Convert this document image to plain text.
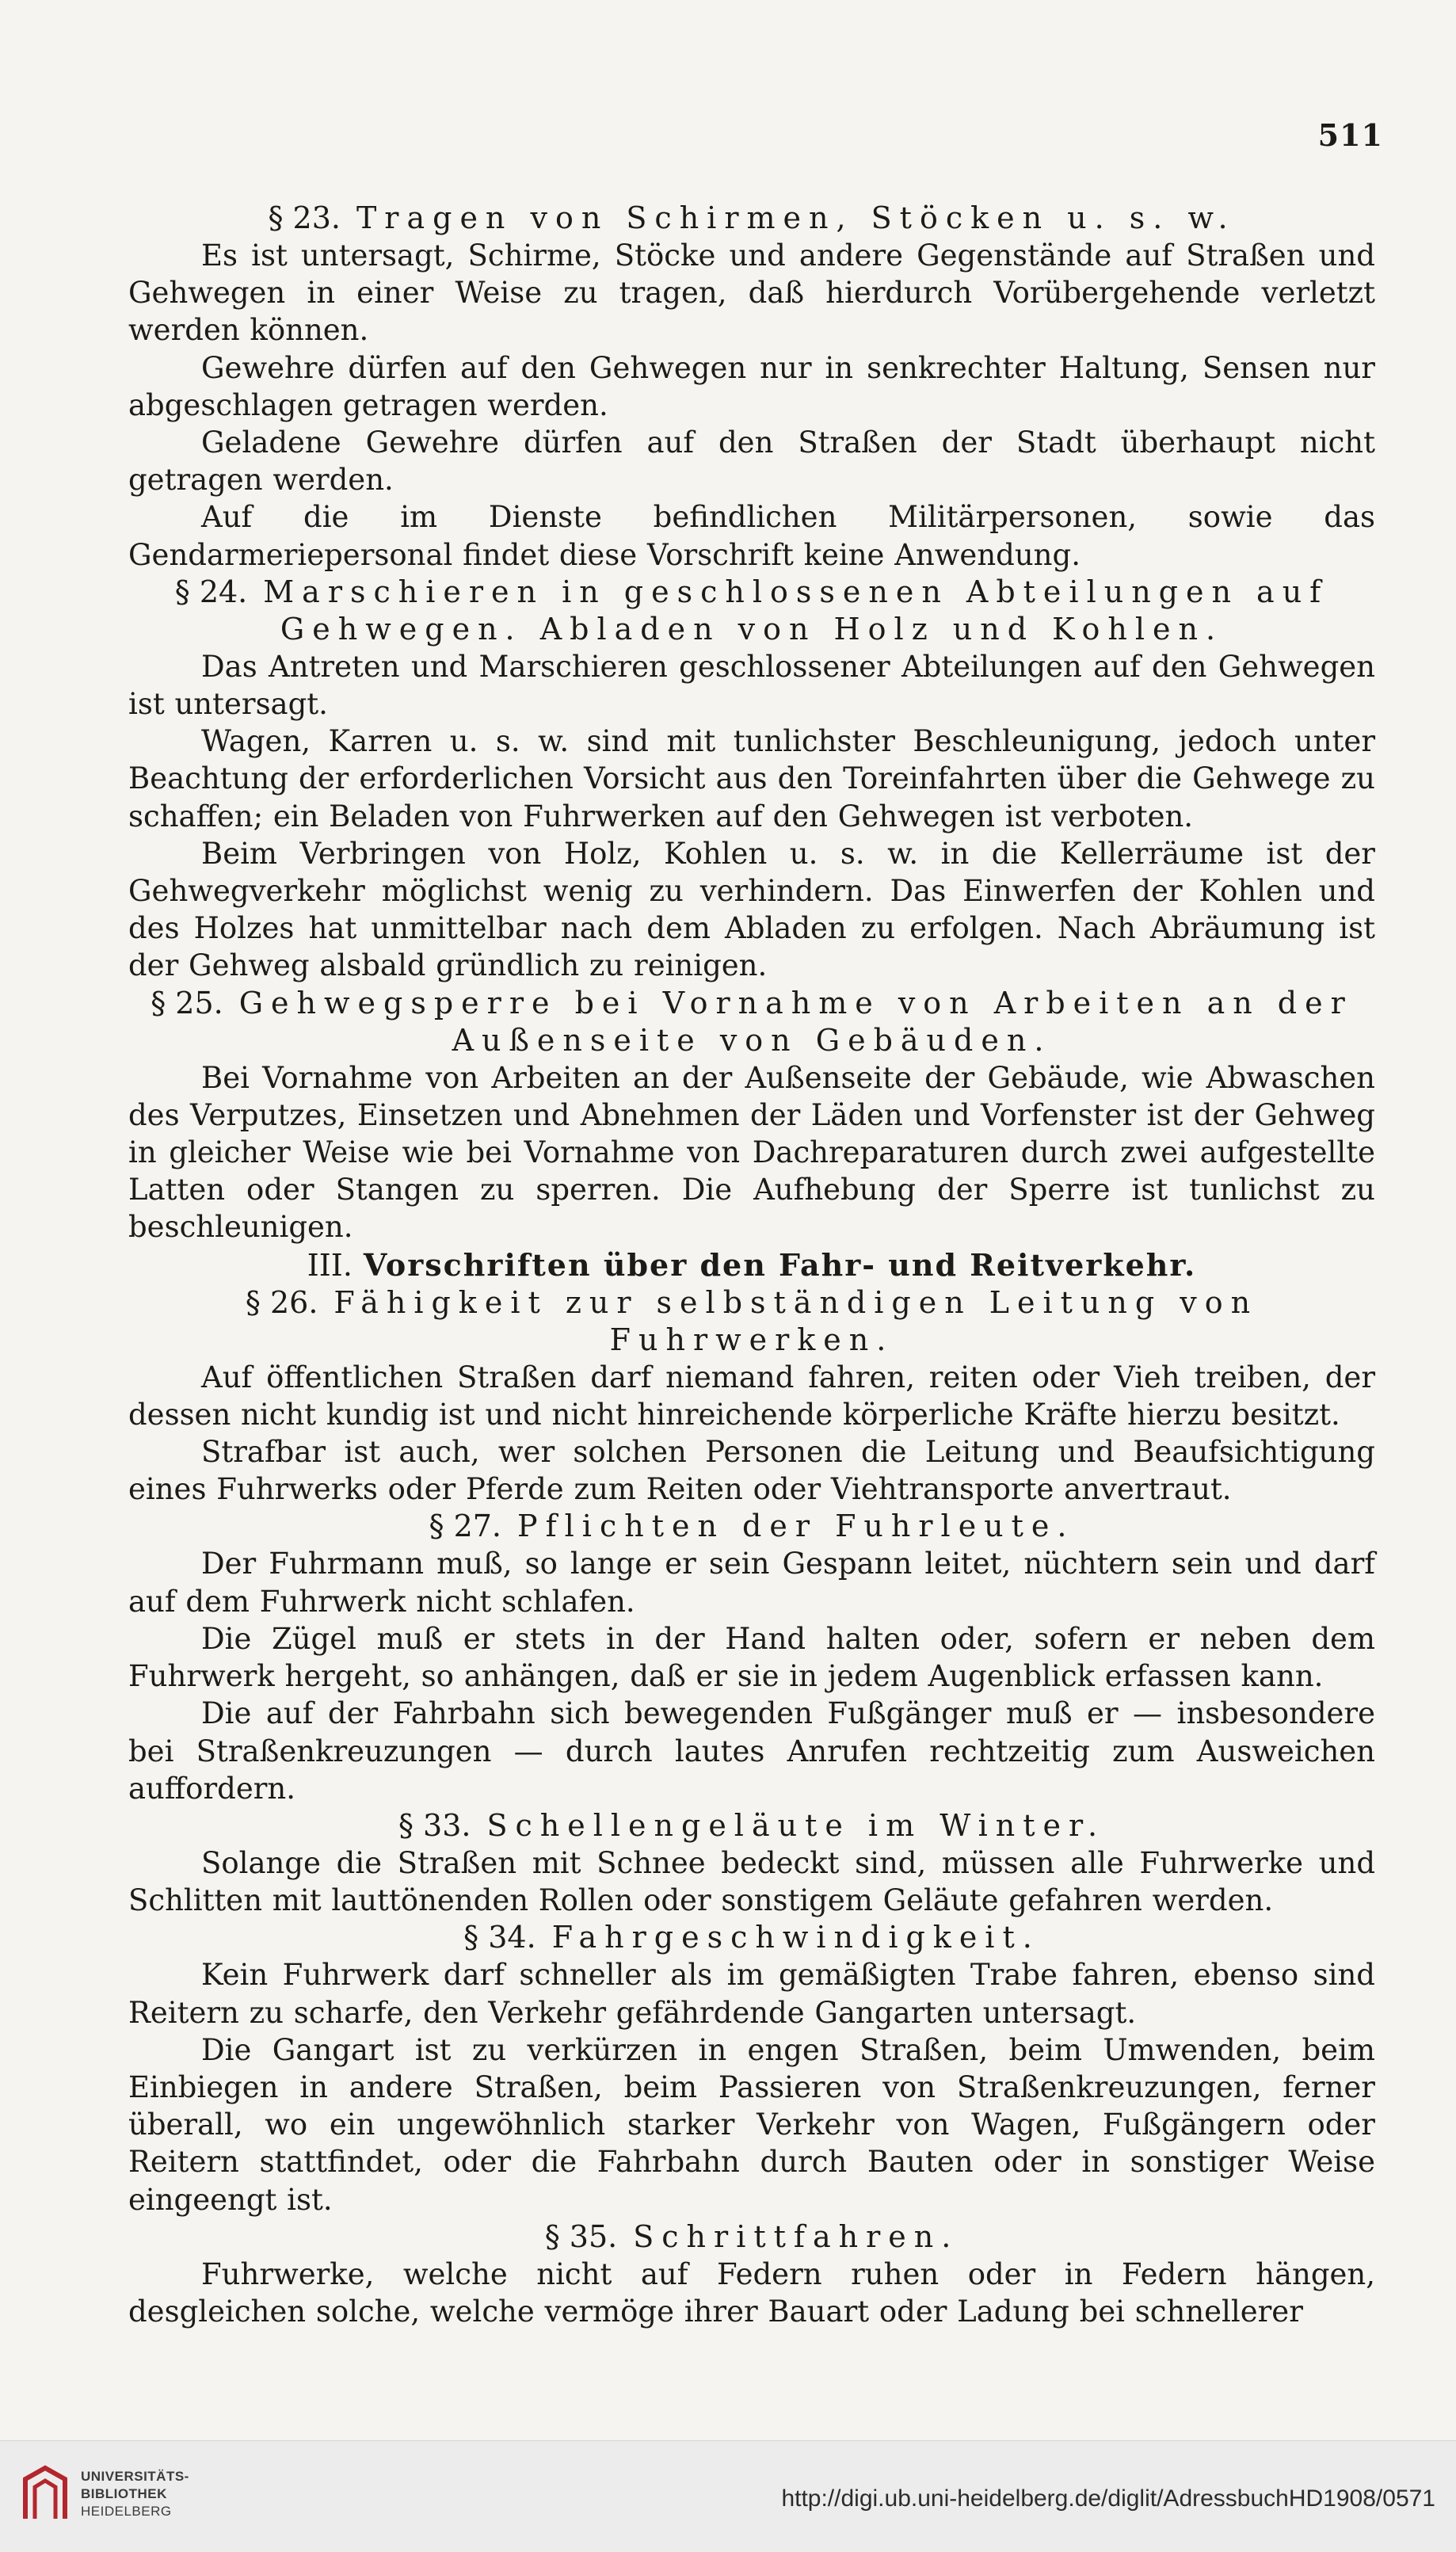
511

§ 23. Tragen von Schirmen, Stöcken u. s. w.

Es ist untersagt, Schirme, Stöcke und andere Gegenstände auf Straßen und Gehwegen in einer Weise zu tragen, daß hierdurch Vorübergehende verletzt werden können.

Gewehre dürfen auf den Gehwegen nur in senkrechter Haltung, Sensen nur abgeschlagen getragen werden.

Geladene Gewehre dürfen auf den Straßen der Stadt überhaupt nicht getragen werden.

Auf die im Dienste befindlichen Militärpersonen, sowie das Gendarmeriepersonal findet diese Vorschrift keine Anwendung.

§ 24. Marschieren in geschlossenen Abteilungen auf Gehwegen. Abladen von Holz und Kohlen.

Das Antreten und Marschieren geschlossener Abteilungen auf den Gehwegen ist untersagt.

Wagen, Karren u. s. w. sind mit tunlichster Beschleunigung, jedoch unter Beachtung der erforderlichen Vorsicht aus den Toreinfahrten über die Gehwege zu schaffen; ein Beladen von Fuhrwerken auf den Gehwegen ist verboten.

Beim Verbringen von Holz, Kohlen u. s. w. in die Kellerräume ist der Gehwegverkehr möglichst wenig zu verhindern. Das Einwerfen der Kohlen und des Holzes hat unmittelbar nach dem Abladen zu erfolgen. Nach Abräumung ist der Gehweg alsbald gründlich zu reinigen.

§ 25. Gehwegsperre bei Vornahme von Arbeiten an der Außenseite von Gebäuden.

Bei Vornahme von Arbeiten an der Außenseite der Gebäude, wie Abwaschen des Verputzes, Einsetzen und Abnehmen der Läden und Vorfenster ist der Gehweg in gleicher Weise wie bei Vornahme von Dachreparaturen durch zwei aufgestellte Latten oder Stangen zu sperren. Die Aufhebung der Sperre ist tunlichst zu beschleunigen.

III. Vorschriften über den Fahr- und Reitverkehr.

§ 26. Fähigkeit zur selbständigen Leitung von Fuhrwerken.

Auf öffentlichen Straßen darf niemand fahren, reiten oder Vieh treiben, der dessen nicht kundig ist und nicht hinreichende körperliche Kräfte hierzu besitzt.

Strafbar ist auch, wer solchen Personen die Leitung und Beaufsichtigung eines Fuhrwerks oder Pferde zum Reiten oder Viehtransporte anvertraut.

§ 27. Pflichten der Fuhrleute.

Der Fuhrmann muß, so lange er sein Gespann leitet, nüchtern sein und darf auf dem Fuhrwerk nicht schlafen.

Die Zügel muß er stets in der Hand halten oder, sofern er neben dem Fuhrwerk hergeht, so anhängen, daß er sie in jedem Augenblick erfassen kann.

Die auf der Fahrbahn sich bewegenden Fußgänger muß er — insbesondere bei Straßenkreuzungen — durch lautes Anrufen rechtzeitig zum Ausweichen auffordern.

§ 33. Schellengeläute im Winter.

Solange die Straßen mit Schnee bedeckt sind, müssen alle Fuhrwerke und Schlitten mit lauttönenden Rollen oder sonstigem Geläute gefahren werden.

§ 34. Fahrgeschwindigkeit.

Kein Fuhrwerk darf schneller als im gemäßigten Trabe fahren, ebenso sind Reitern zu scharfe, den Verkehr gefährdende Gangarten untersagt.

Die Gangart ist zu verkürzen in engen Straßen, beim Umwenden, beim Einbiegen in andere Straßen, beim Passieren von Straßenkreuzungen, ferner überall, wo ein ungewöhnlich starker Verkehr von Wagen, Fußgängern oder Reitern stattfindet, oder die Fahrbahn durch Bauten oder in sonstiger Weise eingeengt ist.

§ 35. Schrittfahren.

Fuhrwerke, welche nicht auf Federn ruhen oder in Federn hängen, desgleichen solche, welche vermöge ihrer Bauart oder Ladung bei schnellerer

UNIVERSITÄTS-
BIBLIOTHEK
HEIDELBERG	http://digi.ub.uni-heidelberg.de/diglit/AdressbuchHD1908/0571
